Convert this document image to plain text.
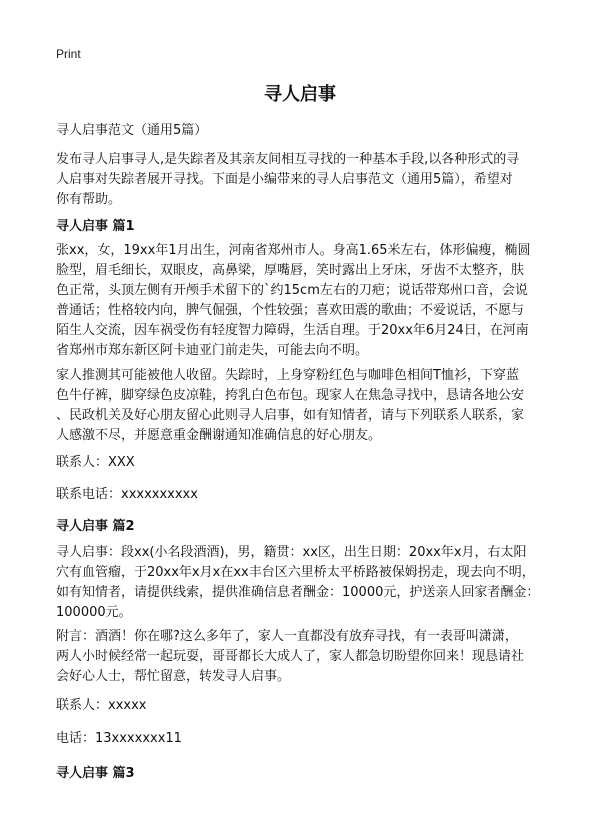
Print
寻人启事
寻人启事范文（通用5篇）
发布寻人启事寻人,是失踪者及其亲友间相互寻找的一种基本手段,以各种形式的寻
人启事对失踪者展开寻找。下面是小编带来的寻人启事范文（通用5篇），希望对
你有帮助。
寻人启事 篇1
张xx，女，19xx年1月出生，河南省郑州市人。身高1.65米左右，体形偏瘦，椭圆
脸型，眉毛细长，双眼皮，高鼻梁，厚嘴唇，笑时露出上牙床，牙齿不太整齐，肤
色正常，头顶左侧有开颅手术留下的`约15cm左右的刀疤；说话带郑州口音，会说
普通话；性格较内向，脾气倔强，个性较强；喜欢田震的歌曲；不爱说话，不愿与
陌生人交流，因车祸受伤有轻度智力障碍，生活自理。于20xx年6月24日，在河南
省郑州市郑东新区阿卡迪亚门前走失，可能去向不明。
家人推测其可能被他人收留。失踪时，上身穿粉红色与咖啡色相间T恤衫，下穿蓝
色牛仔裤，脚穿绿色皮凉鞋，挎乳白色布包。现家人在焦急寻找中，恳请各地公安
、民政机关及好心朋友留心此则寻人启事，如有知情者，请与下列联系人联系，家
人感激不尽，并愿意重金酬谢通知准确信息的好心朋友。
联系人：XXX
联系电话：xxxxxxxxxx
寻人启事 篇2
寻人启事：段xx(小名段酒酒)，男，籍贯：xx区，出生日期：20xx年x月，右太阳
穴有血管瘤，于20xx年x月x在xx丰台区六里桥太平桥路被保姆拐走，现去向不明，
如有知情者，请提供线索，提供准确信息者酬金：10000元，护送亲人回家者酬金：
100000元。
附言：酒酒！你在哪?这么多年了，家人一直都没有放弃寻找，有一表哥叫潇潇，
两人小时候经常一起玩耍，哥哥都长大成人了，家人都急切盼望你回来！现恳请社
会好心人士，帮忙留意，转发寻人启事。
联系人：xxxxx
电话：13xxxxxxx11
寻人启事 篇3
